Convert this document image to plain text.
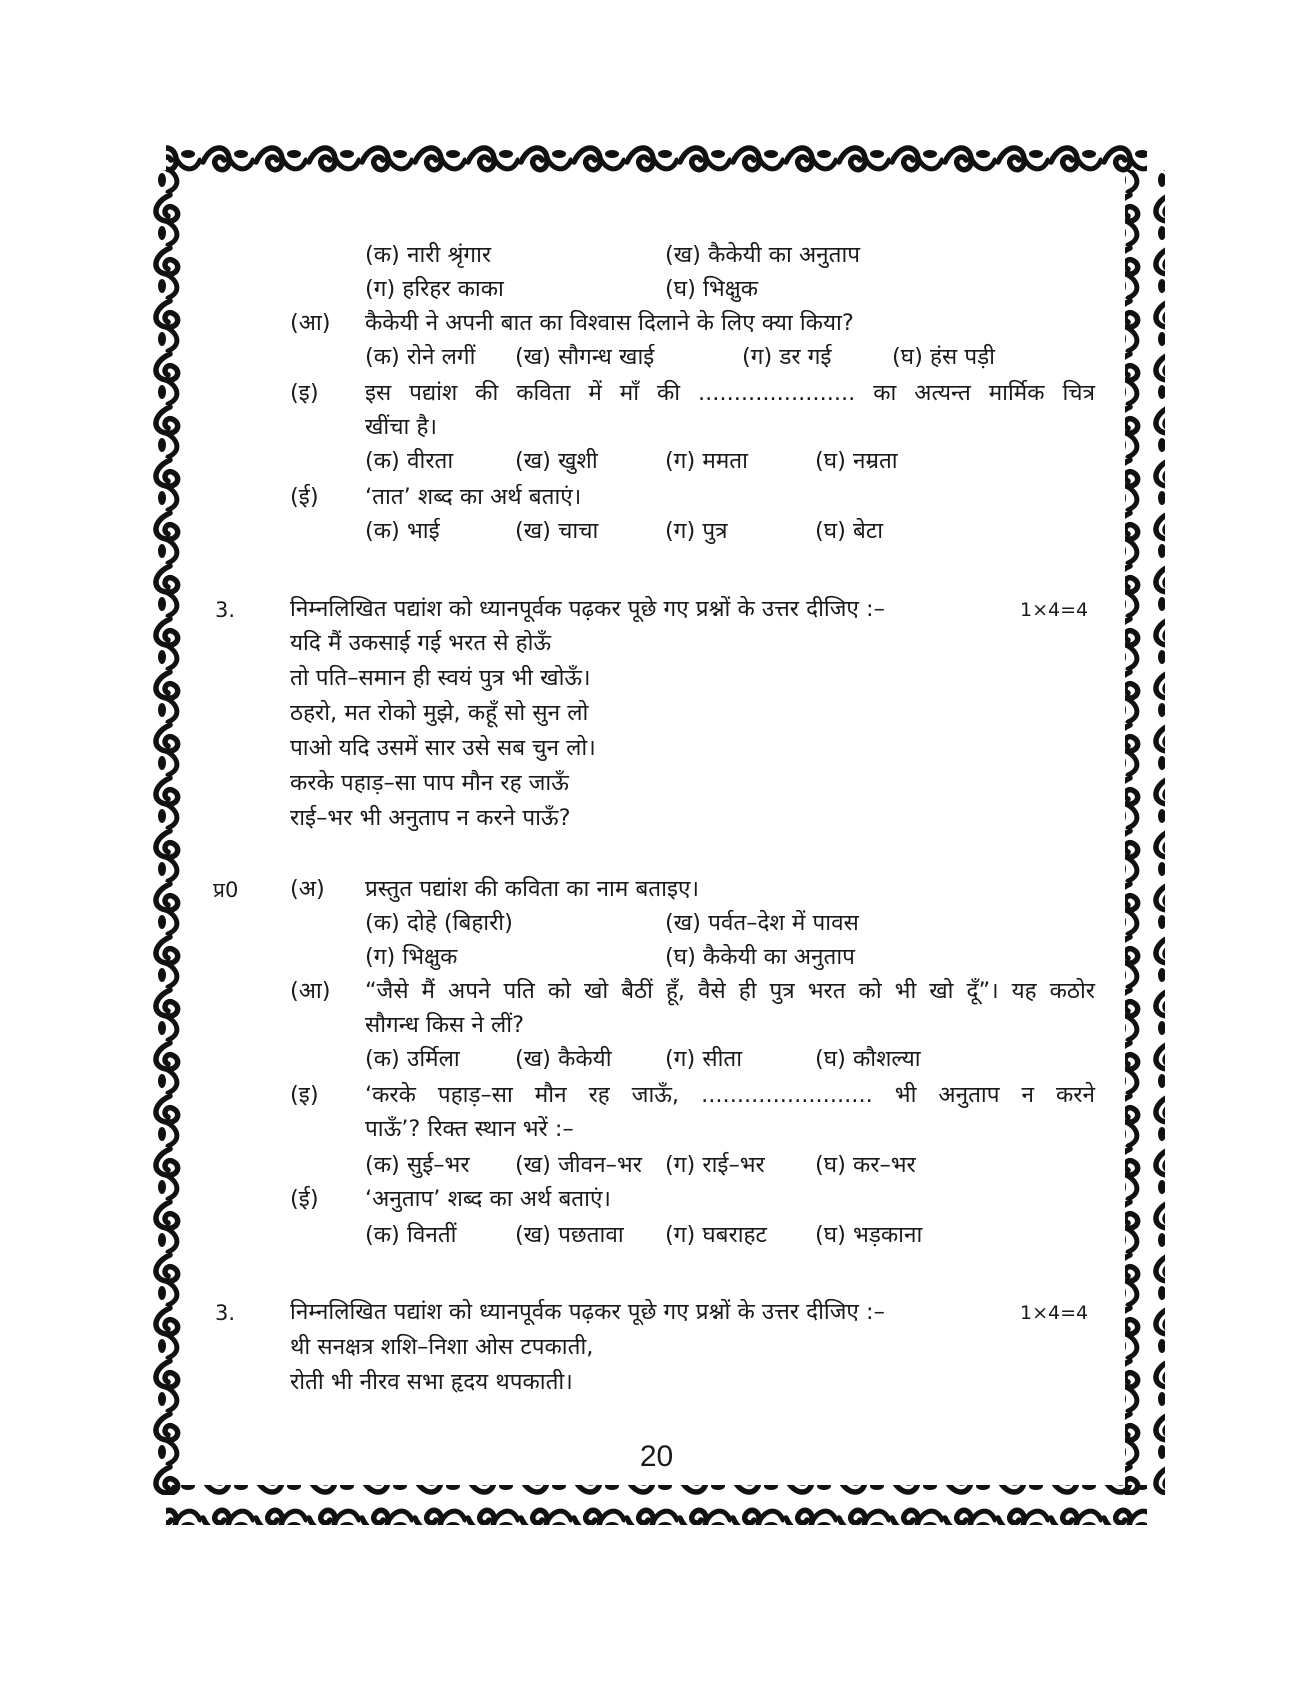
(क) नारी श्रृंगार	(ख) कैकेयी का अनुताप
(ग) हरिहर काका	(घ) भिक्षुक
(आ) कैकेयी ने अपनी बात का विश्वास दिलाने के लिए क्या किया?
(क) रोने लगीं (ख) सौगन्ध खाई	(ग) डर गई	(घ) हंस पड़ी
(इ) इस पद्यांश की कविता में माँ की ...................... का अत्यन्त मार्मिक चित्र
खींचा है।
(क) वीरता	(ख) खुशी	(ग) ममता	(घ) नम्रता
(ई) ‘तात’ शब्द का अर्थ बताएं।
(क) भाई	(ख) चाचा	(ग) पुत्र	(घ) बेटा
3. निम्नलिखित पद्यांश को ध्यानपूर्वक पढ़कर पूछे गए प्रश्नों के उत्तर दीजिए :–	1×4=4
यदि मैं उकसाई गई भरत से होऊँ
तो पति–समान ही स्वयं पुत्र भी खोऊँ।
ठहरो, मत रोको मुझे, कहूँ सो सुन लो
पाओ यदि उसमें सार उसे सब चुन लो।
करके पहाड़–सा पाप मौन रह जाऊँ
राई–भर भी अनुताप न करने पाऊँ?
प्र0 (अ) प्रस्तुत पद्यांश की कविता का नाम बताइए।
(क) दोहे (बिहारी)	(ख) पर्वत–देश में पावस
(ग) भिक्षुक	(घ) कैकेयी का अनुताप
(आ) “जैसे मैं अपने पति को खो बैठीं हूँ, वैसे ही पुत्र भरत को भी खो दूँ”। यह कठोर
सौगन्ध किस ने लीं?
(क) उर्मिला (ख) कैकेयी (ग) सीता	(घ) कौशल्या
(इ) ‘करके पहाड़–सा मौन रह जाऊँ, ........................ भी अनुताप न करने
पाऊँ’? रिक्त स्थान भरें :–
(क) सुई–भर (ख) जीवन–भर (ग) राई–भर (घ) कर–भर
(ई) ‘अनुताप’ शब्द का अर्थ बताएं।
(क) विनतीं	(ख) पछतावा (ग) घबराहट (घ) भड़काना
3. निम्नलिखित पद्यांश को ध्यानपूर्वक पढ़कर पूछे गए प्रश्नों के उत्तर दीजिए :–	1×4=4
थी सनक्षत्र शशि–निशा ओस टपकाती,
रोती भी नीरव सभा हृदय थपकाती।
20
